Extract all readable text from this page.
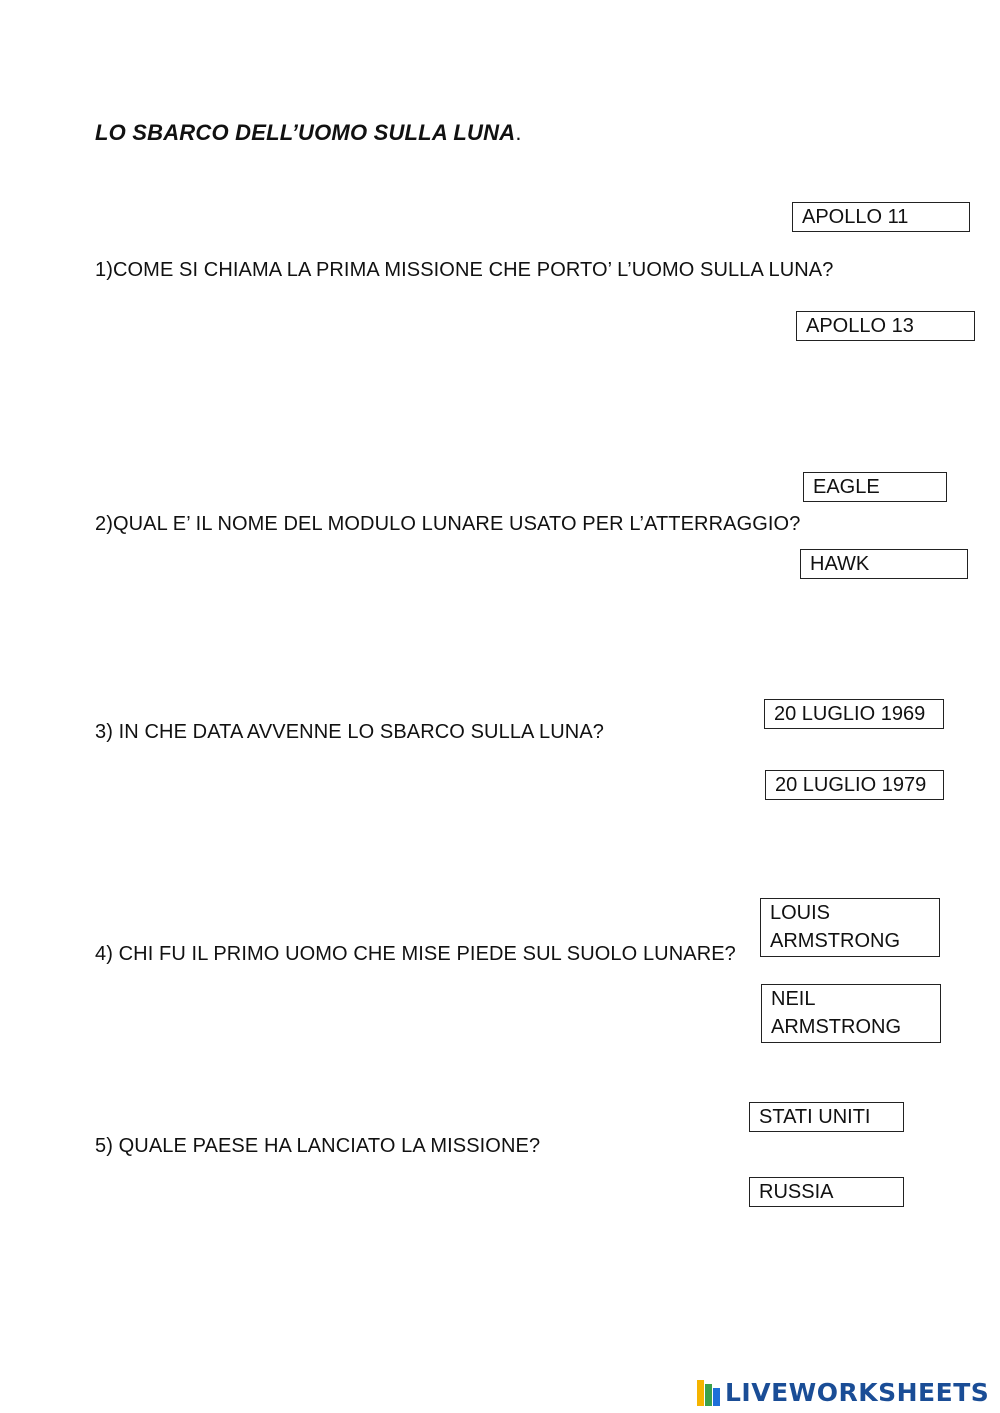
LO SBARCO DELL’UOMO SULLA LUNA.
1)COME SI CHIAMA LA PRIMA MISSIONE CHE PORTO’ L’UOMO SULLA LUNA?
APOLLO 11
APOLLO 13
2)QUAL E’ IL NOME DEL MODULO LUNARE USATO PER L’ATTERRAGGIO?
EAGLE
HAWK
3) IN CHE DATA AVVENNE LO SBARCO SULLA LUNA?
20 LUGLIO 1969
20 LUGLIO 1979
4) CHI FU IL PRIMO UOMO CHE MISE PIEDE SUL SUOLO LUNARE?
LOUIS ARMSTRONG
NEIL ARMSTRONG
5) QUALE PAESE HA LANCIATO LA MISSIONE?
STATI UNITI
RUSSIA
LIVEWORKSHEETS
